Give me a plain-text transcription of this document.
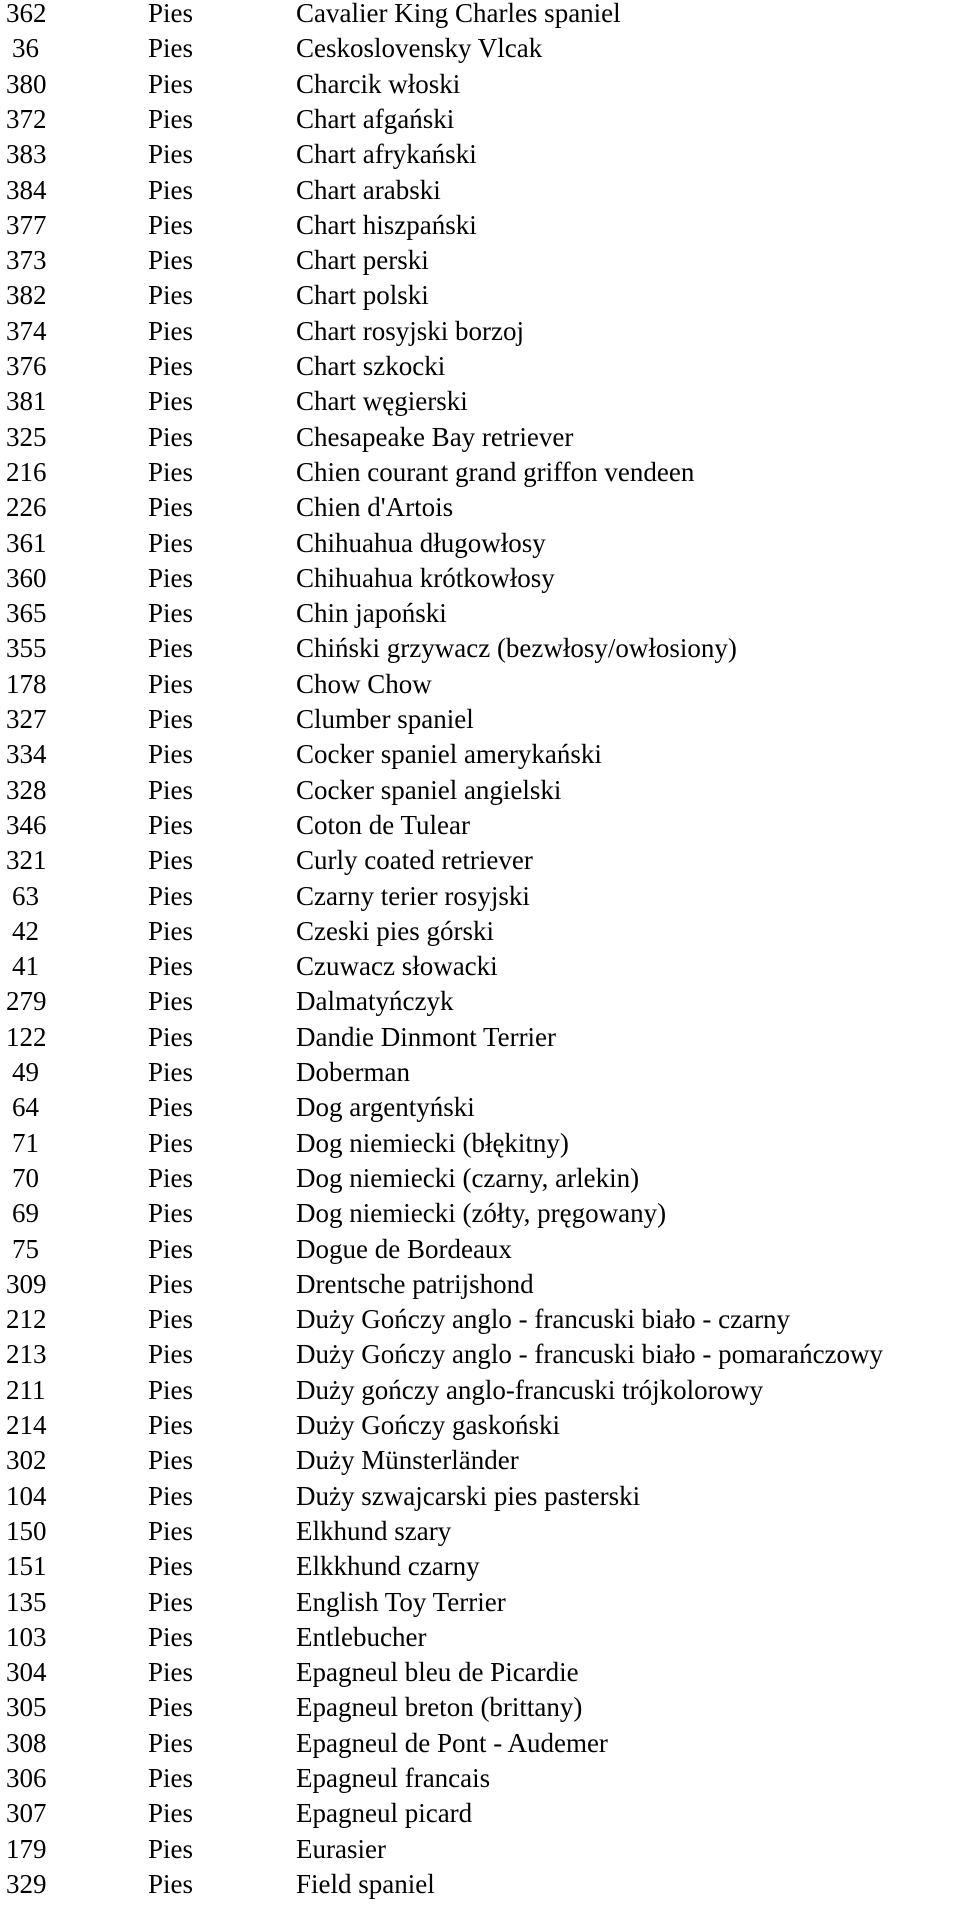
362	Pies	Cavalier King Charles spaniel
36	Pies	Ceskoslovensky Vlcak
380	Pies	Charcik włoski
372	Pies	Chart afgański
383	Pies	Chart afrykański
384	Pies	Chart arabski
377	Pies	Chart hiszpański
373	Pies	Chart perski
382	Pies	Chart polski
374	Pies	Chart rosyjski borzoj
376	Pies	Chart szkocki
381	Pies	Chart węgierski
325	Pies	Chesapeake Bay retriever
216	Pies	Chien courant grand griffon vendeen
226	Pies	Chien d'Artois
361	Pies	Chihuahua długowłosy
360	Pies	Chihuahua krótkowłosy
365	Pies	Chin japoński
355	Pies	Chiński grzywacz (bezwłosy/owłosiony)
178	Pies	Chow Chow
327	Pies	Clumber spaniel
334	Pies	Cocker spaniel amerykański
328	Pies	Cocker spaniel angielski
346	Pies	Coton de Tulear
321	Pies	Curly coated retriever
63	Pies	Czarny terier rosyjski
42	Pies	Czeski pies górski
41	Pies	Czuwacz słowacki
279	Pies	Dalmatyńczyk
122	Pies	Dandie Dinmont Terrier
49	Pies	Doberman
64	Pies	Dog argentyński
71	Pies	Dog niemiecki (błękitny)
70	Pies	Dog niemiecki (czarny, arlekin)
69	Pies	Dog niemiecki (zółty, pręgowany)
75	Pies	Dogue de Bordeaux
309	Pies	Drentsche patrijshond
212	Pies	Duży Gończy anglo - francuski biało - czarny
213	Pies	Duży Gończy anglo - francuski biało - pomarańczowy
211	Pies	Duży gończy anglo-francuski trójkolorowy
214	Pies	Duży Gończy gaskoński
302	Pies	Duży Münsterländer
104	Pies	Duży szwajcarski pies pasterski
150	Pies	Elkhund szary
151	Pies	Elkkhund czarny
135	Pies	English Toy Terrier
103	Pies	Entlebucher
304	Pies	Epagneul bleu de Picardie
305	Pies	Epagneul breton (brittany)
308	Pies	Epagneul de Pont - Audemer
306	Pies	Epagneul francais
307	Pies	Epagneul picard
179	Pies	Eurasier
329	Pies	Field spaniel
